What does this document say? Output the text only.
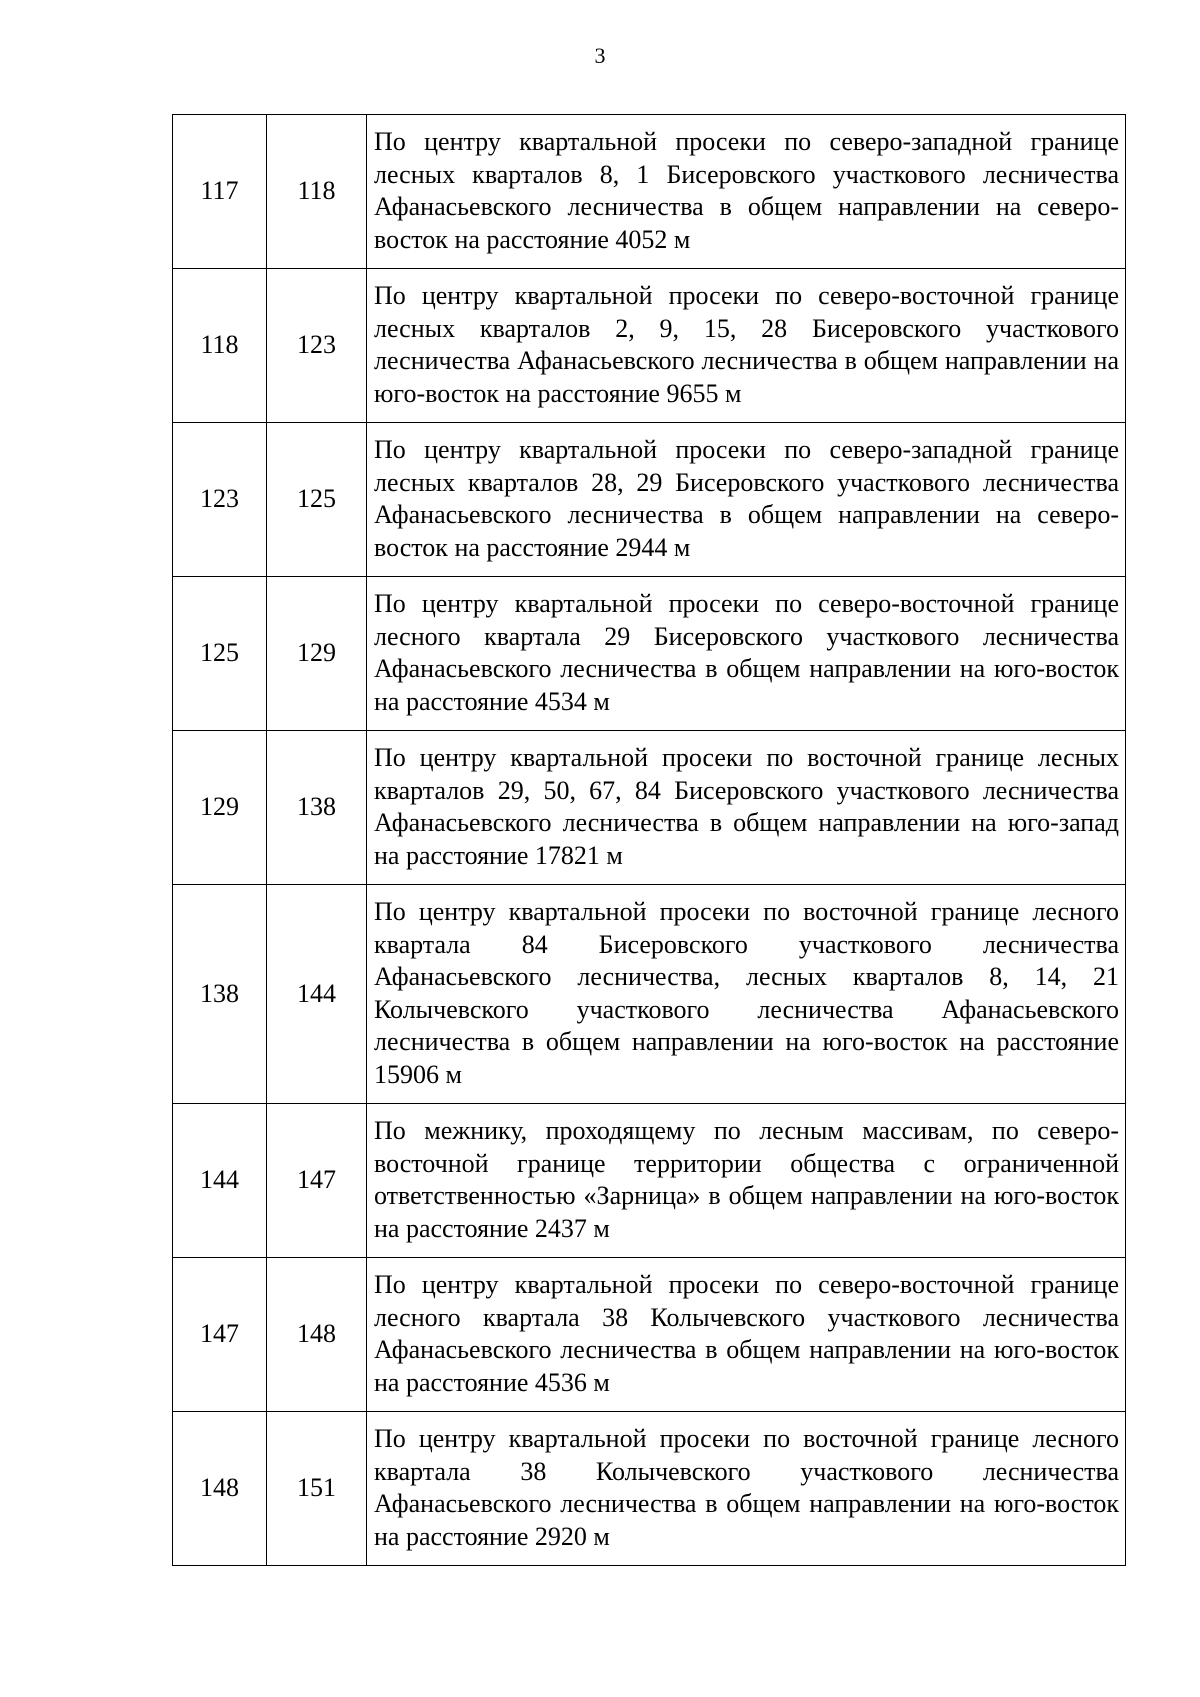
3
117	118	По центру квартальной просеки по северо-западной границе лесных кварталов 8, 1 Бисеровского участкового лесничества Афанасьевского лесничества в общем направлении на северо-восток на расстояние 4052 м
118	123	По центру квартальной просеки по северо-восточной границе лесных кварталов 2, 9, 15, 28 Бисеровского участкового лесничества Афанасьевского лесничества в общем направлении на юго-восток на расстояние 9655 м
123	125	По центру квартальной просеки по северо-западной границе лесных кварталов 28, 29 Бисеровского участкового лесничества Афанасьевского лесничества в общем направлении на северо-восток на расстояние 2944 м
125	129	По центру квартальной просеки по северо-восточной границе лесного квартала 29 Бисеровского участкового лесничества Афанасьевского лесничества в общем направлении на юго-восток на расстояние 4534 м
129	138	По центру квартальной просеки по восточной границе лесных кварталов 29, 50, 67, 84 Бисеровского участкового лесничества Афанасьевского лесничества в общем направлении на юго-запад на расстояние 17821 м
138	144	По центру квартальной просеки по восточной границе лесного квартала 84 Бисеровского участкового лесничества Афанасьевского лесничества, лесных кварталов 8, 14, 21 Колычевского участкового лесничества Афанасьевского лесничества в общем направлении на юго-восток на расстояние 15906 м
144	147	По межнику, проходящему по лесным массивам, по северо-восточной границе территории общества с ограниченной ответственностью «Зарница» в общем направлении на юго-восток на расстояние 2437 м
147	148	По центру квартальной просеки по северо-восточной границе лесного квартала 38 Колычевского участкового лесничества Афанасьевского лесничества в общем направлении на юго-восток на расстояние 4536 м
148	151	По центру квартальной просеки по восточной границе лесного квартала 38 Колычевского участкового лесничества Афанасьевского лесничества в общем направлении на юго-восток на расстояние 2920 м
